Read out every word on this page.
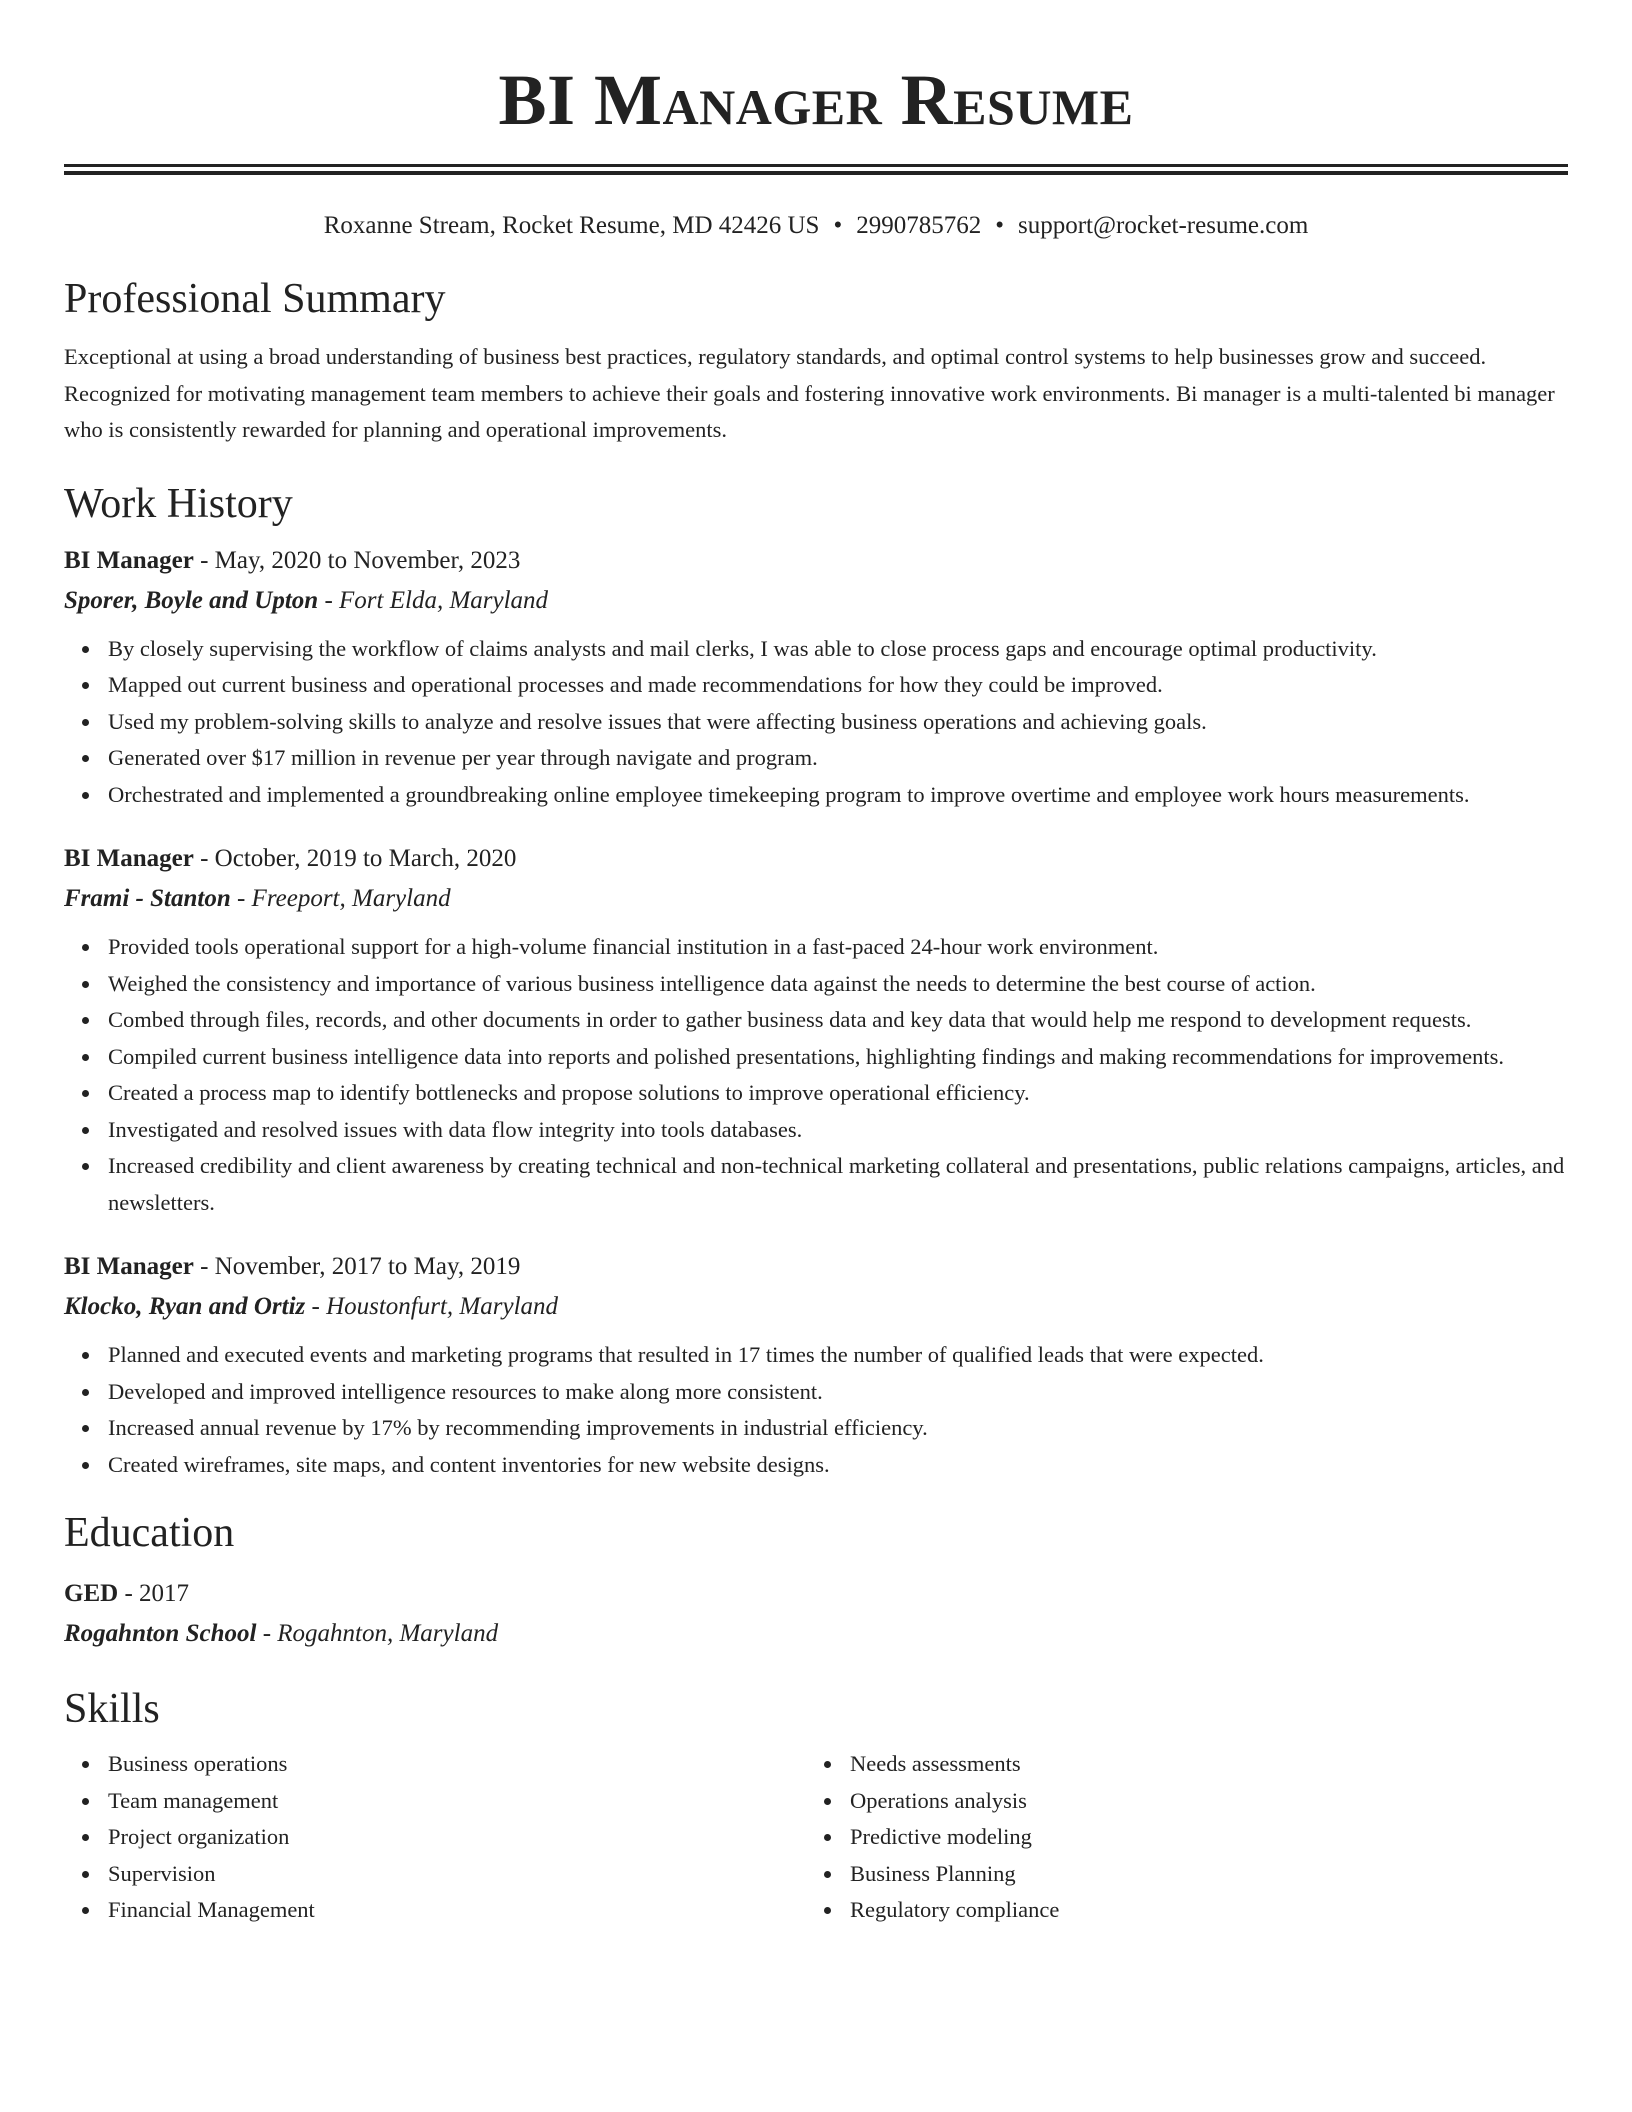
BI Manager Resume
Roxanne Stream, Rocket Resume, MD 42426 US • 2990785762 • support@rocket-resume.com
Professional Summary

Exceptional at using a broad understanding of business best practices, regulatory standards, and optimal control systems to help businesses grow and succeed. Recognized for motivating management team members to achieve their goals and fostering innovative work environments. Bi manager is a multi-talented bi manager who is consistently rewarded for planning and operational improvements.

Work History
BI Manager - May, 2020 to November, 2023
Sporer, Boyle and Upton - Fort Elda, Maryland
By closely supervising the workflow of claims analysts and mail clerks, I was able to close process gaps and encourage optimal productivity.
Mapped out current business and operational processes and made recommendations for how they could be improved.
Used my problem-solving skills to analyze and resolve issues that were affecting business operations and achieving goals.
Generated over $17 million in revenue per year through navigate and program.
Orchestrated and implemented a groundbreaking online employee timekeeping program to improve overtime and employee work hours measurements.
BI Manager - October, 2019 to March, 2020
Frami - Stanton - Freeport, Maryland
Provided tools operational support for a high-volume financial institution in a fast-paced 24-hour work environment.
Weighed the consistency and importance of various business intelligence data against the needs to determine the best course of action.
Combed through files, records, and other documents in order to gather business data and key data that would help me respond to development requests.
Compiled current business intelligence data into reports and polished presentations, highlighting findings and making recommendations for improvements.
Created a process map to identify bottlenecks and propose solutions to improve operational efficiency.
Investigated and resolved issues with data flow integrity into tools databases.
Increased credibility and client awareness by creating technical and non-technical marketing collateral and presentations, public relations campaigns, articles, and newsletters.
BI Manager - November, 2017 to May, 2019
Klocko, Ryan and Ortiz - Houstonfurt, Maryland
Planned and executed events and marketing programs that resulted in 17 times the number of qualified leads that were expected.
Developed and improved intelligence resources to make along more consistent.
Increased annual revenue by 17% by recommending improvements in industrial efficiency.
Created wireframes, site maps, and content inventories for new website designs.
Education
GED - 2017
Rogahnton School - Rogahnton, Maryland
Skills
Business operations
Team management
Project organization
Supervision
Financial Management
Needs assessments
Operations analysis
Predictive modeling
Business Planning
Regulatory compliance
